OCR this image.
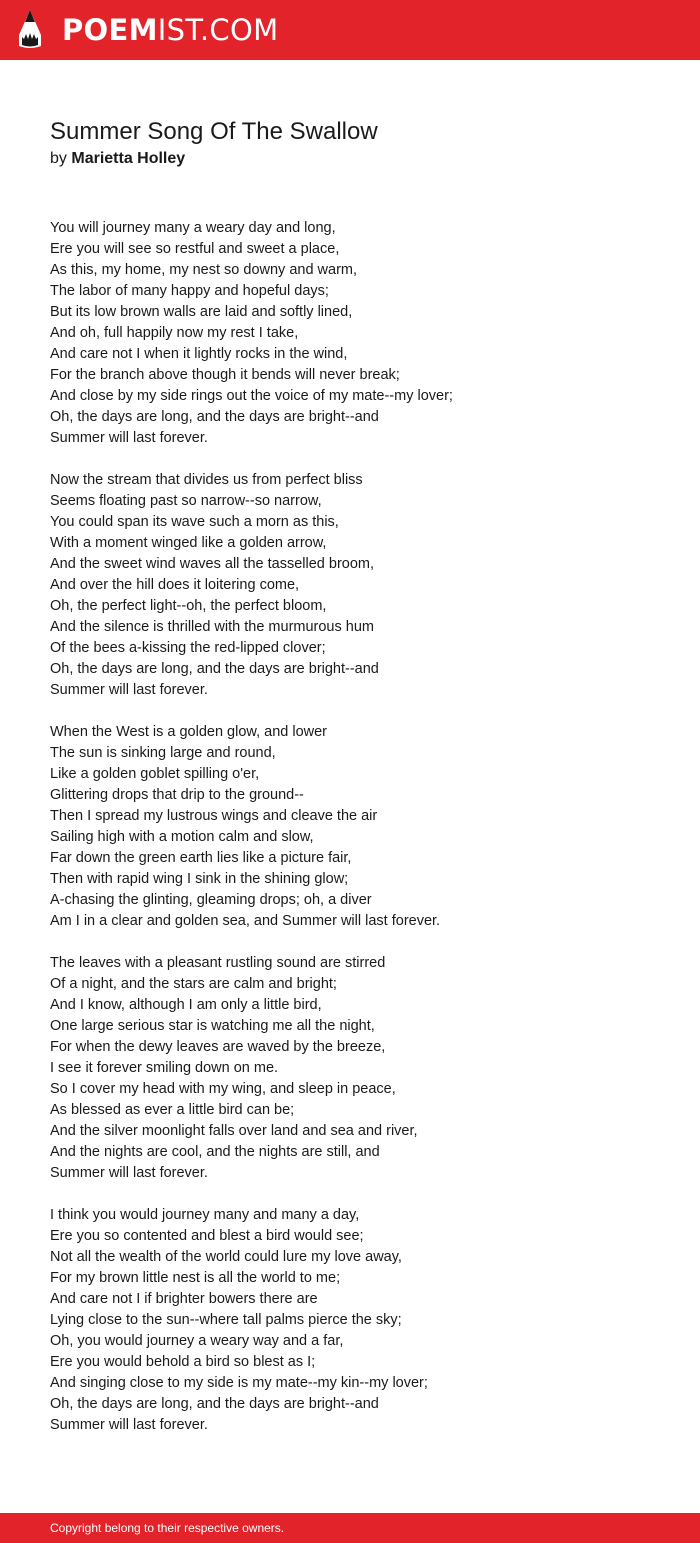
POEMIST.COM
Summer Song Of The Swallow
by Marietta Holley
You will journey many a weary day and long,
Ere you will see so restful and sweet a place,
As this, my home, my nest so downy and warm,
The labor of many happy and hopeful days;
But its low brown walls are laid and softly lined,
And oh, full happily now my rest I take,
And care not I when it lightly rocks in the wind,
For the branch above though it bends will never break;
And close by my side rings out the voice of my mate--my lover;
Oh, the days are long, and the days are bright--and
Summer will last forever.
Now the stream that divides us from perfect bliss
Seems floating past so narrow--so narrow,
You could span its wave such a morn as this,
With a moment winged like a golden arrow,
And the sweet wind waves all the tasselled broom,
And over the hill does it loitering come,
Oh, the perfect light--oh, the perfect bloom,
And the silence is thrilled with the murmurous hum
Of the bees a-kissing the red-lipped clover;
Oh, the days are long, and the days are bright--and
Summer will last forever.
When the West is a golden glow, and lower
The sun is sinking large and round,
Like a golden goblet spilling o'er,
Glittering drops that drip to the ground--
Then I spread my lustrous wings and cleave the air
Sailing high with a motion calm and slow,
Far down the green earth lies like a picture fair,
Then with rapid wing I sink in the shining glow;
A-chasing the glinting, gleaming drops; oh, a diver
Am I in a clear and golden sea, and Summer will last forever.
The leaves with a pleasant rustling sound are stirred
Of a night, and the stars are calm and bright;
And I know, although I am only a little bird,
One large serious star is watching me all the night,
For when the dewy leaves are waved by the breeze,
I see it forever smiling down on me.
So I cover my head with my wing, and sleep in peace,
As blessed as ever a little bird can be;
And the silver moonlight falls over land and sea and river,
And the nights are cool, and the nights are still, and
Summer will last forever.
I think you would journey many and many a day,
Ere you so contented and blest a bird would see;
Not all the wealth of the world could lure my love away,
For my brown little nest is all the world to me;
And care not I if brighter bowers there are
Lying close to the sun--where tall palms pierce the sky;
Oh, you would journey a weary way and a far,
Ere you would behold a bird so blest as I;
And singing close to my side is my mate--my kin--my lover;
Oh, the days are long, and the days are bright--and
Summer will last forever.
Copyright belong to their respective owners.
